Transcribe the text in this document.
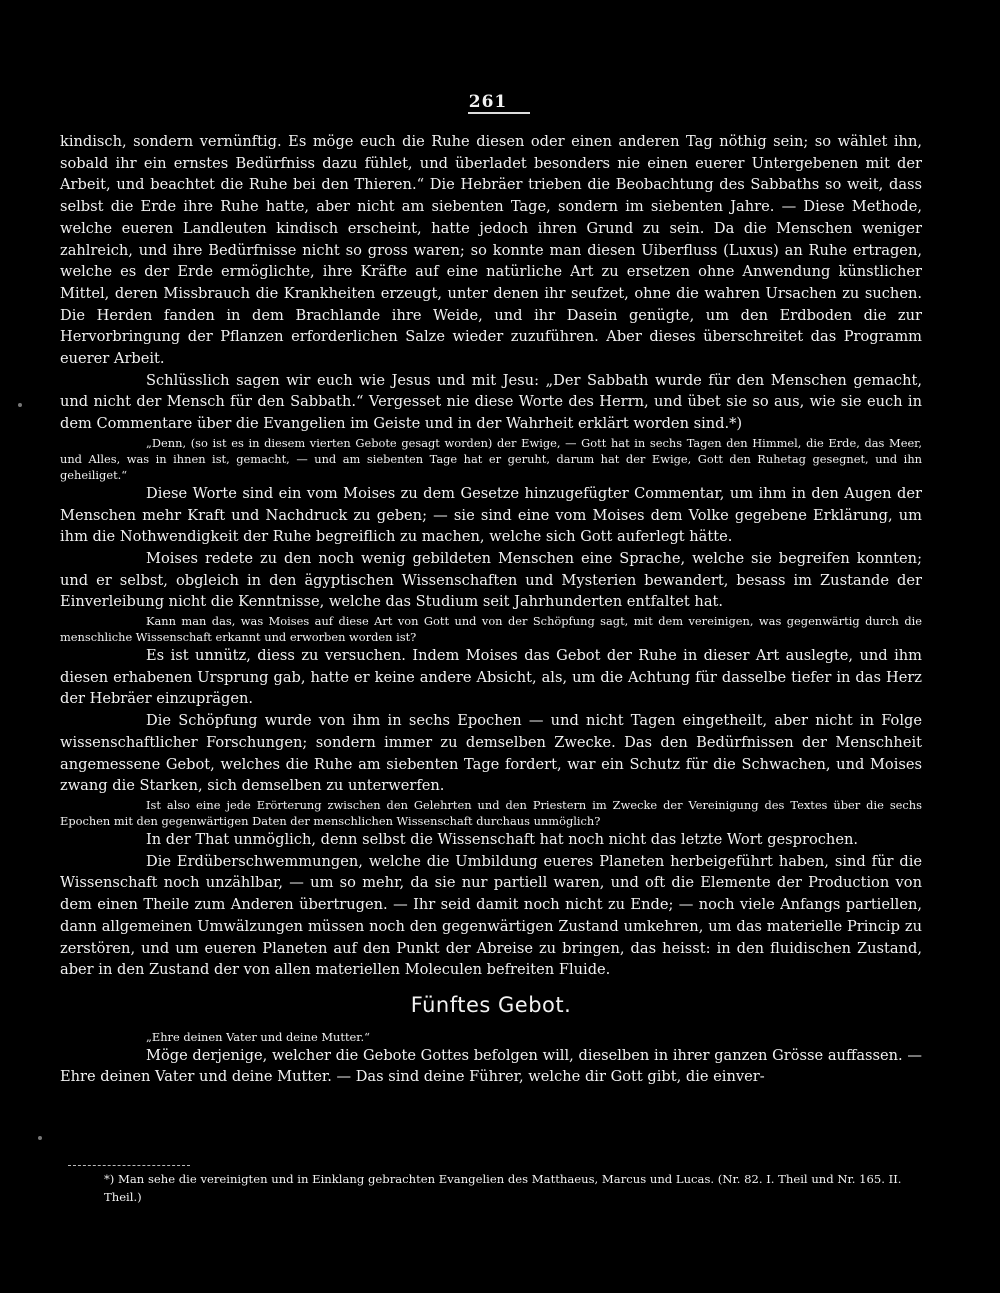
261

kindisch, sondern vernünftig. Es möge euch die Ruhe diesen oder einen anderen Tag nöthig sein; so wählet ihn, sobald ihr ein ernstes Bedürfniss dazu fühlet, und überladet besonders nie einen euerer Untergebenen mit der Arbeit, und beachtet die Ruhe bei den Thieren.“ Die Hebräer trieben die Beobachtung des Sabbaths so weit, dass selbst die Erde ihre Ruhe hatte, aber nicht am siebenten Tage, sondern im siebenten Jahre. — Diese Methode, welche eueren Landleuten kindisch erscheint, hatte jedoch ihren Grund zu sein. Da die Menschen weniger zahlreich, und ihre Bedürfnisse nicht so gross waren; so konnte man diesen Uiberfluss (Luxus) an Ruhe ertragen, welche es der Erde ermöglichte, ihre Kräfte auf eine natürliche Art zu ersetzen ohne Anwendung künstlicher Mittel, deren Missbrauch die Krankheiten erzeugt, unter denen ihr seufzet, ohne die wahren Ursachen zu suchen. Die Herden fanden in dem Brachlande ihre Weide, und ihr Dasein genügte, um den Erdboden die zur Hervorbringung der Pflanzen erforderlichen Salze wieder zuzuführen. Aber dieses überschreitet das Programm euerer Arbeit.

Schlüsslich sagen wir euch wie Jesus und mit Jesu: „Der Sabbath wurde für den Menschen gemacht, und nicht der Mensch für den Sabbath.“ Vergesset nie diese Worte des Herrn, und übet sie so aus, wie sie euch in dem Commentare über die Evangelien im Geiste und in der Wahrheit erklärt worden sind.*)

„Denn, (so ist es in diesem vierten Gebote gesagt worden) der Ewige, — Gott hat in sechs Tagen den Himmel, die Erde, das Meer, und Alles, was in ihnen ist, gemacht, — und am siebenten Tage hat er geruht, darum hat der Ewige, Gott den Ruhetag gesegnet, und ihn geheiliget.“

Diese Worte sind ein vom Moises zu dem Gesetze hinzugefügter Commentar, um ihm in den Augen der Menschen mehr Kraft und Nachdruck zu geben; — sie sind eine vom Moises dem Volke gegebene Erklärung, um ihm die Nothwendigkeit der Ruhe begreiflich zu machen, welche sich Gott auferlegt hätte.

Moises redete zu den noch wenig gebildeten Menschen eine Sprache, welche sie begreifen konnten; und er selbst, obgleich in den ägyptischen Wissenschaften und Mysterien bewandert, besass im Zustande der Einverleibung nicht die Kenntnisse, welche das Studium seit Jahrhunderten entfaltet hat.

Kann man das, was Moises auf diese Art von Gott und von der Schöpfung sagt, mit dem vereinigen, was gegenwärtig durch die menschliche Wissenschaft erkannt und erworben worden ist?

Es ist unnütz, diess zu versuchen. Indem Moises das Gebot der Ruhe in dieser Art auslegte, und ihm diesen erhabenen Ursprung gab, hatte er keine andere Absicht, als, um die Achtung für dasselbe tiefer in das Herz der Hebräer einzuprägen.

Die Schöpfung wurde von ihm in sechs Epochen — und nicht Tagen eingetheilt, aber nicht in Folge wissenschaftlicher Forschungen; sondern immer zu demselben Zwecke. Das den Bedürfnissen der Menschheit angemessene Gebot, welches die Ruhe am siebenten Tage fordert, war ein Schutz für die Schwachen, und Moises zwang die Starken, sich demselben zu unterwerfen.

Ist also eine jede Erörterung zwischen den Gelehrten und den Priestern im Zwecke der Vereinigung des Textes über die sechs Epochen mit den gegenwärtigen Daten der menschlichen Wissenschaft durchaus unmöglich?

In der That unmöglich, denn selbst die Wissenschaft hat noch nicht das letzte Wort gesprochen.

Die Erdüberschwemmungen, welche die Umbildung eueres Planeten herbeigeführt haben, sind für die Wissenschaft noch unzählbar, — um so mehr, da sie nur partiell waren, und oft die Elemente der Production von dem einen Theile zum Anderen übertrugen. — Ihr seid damit noch nicht zu Ende; — noch viele Anfangs partiellen, dann allgemeinen Umwälzungen müssen noch den gegenwärtigen Zustand umkehren, um das materielle Princip zu zerstören, und um eueren Planeten auf den Punkt der Abreise zu bringen, das heisst: in den fluidischen Zustand, aber in den Zustand der von allen materiellen Moleculen befreiten Fluide.

Fünftes Gebot.

„Ehre deinen Vater und deine Mutter.“

Möge derjenige, welcher die Gebote Gottes befolgen will, dieselben in ihrer ganzen Grösse auffassen. — Ehre deinen Vater und deine Mutter. — Das sind deine Führer, welche dir Gott gibt, die einver-

*) Man sehe die vereinigten und in Einklang gebrachten Evangelien des Matthaeus, Marcus und Lucas. (Nr. 82. I. Theil und Nr. 165. II. Theil.)
